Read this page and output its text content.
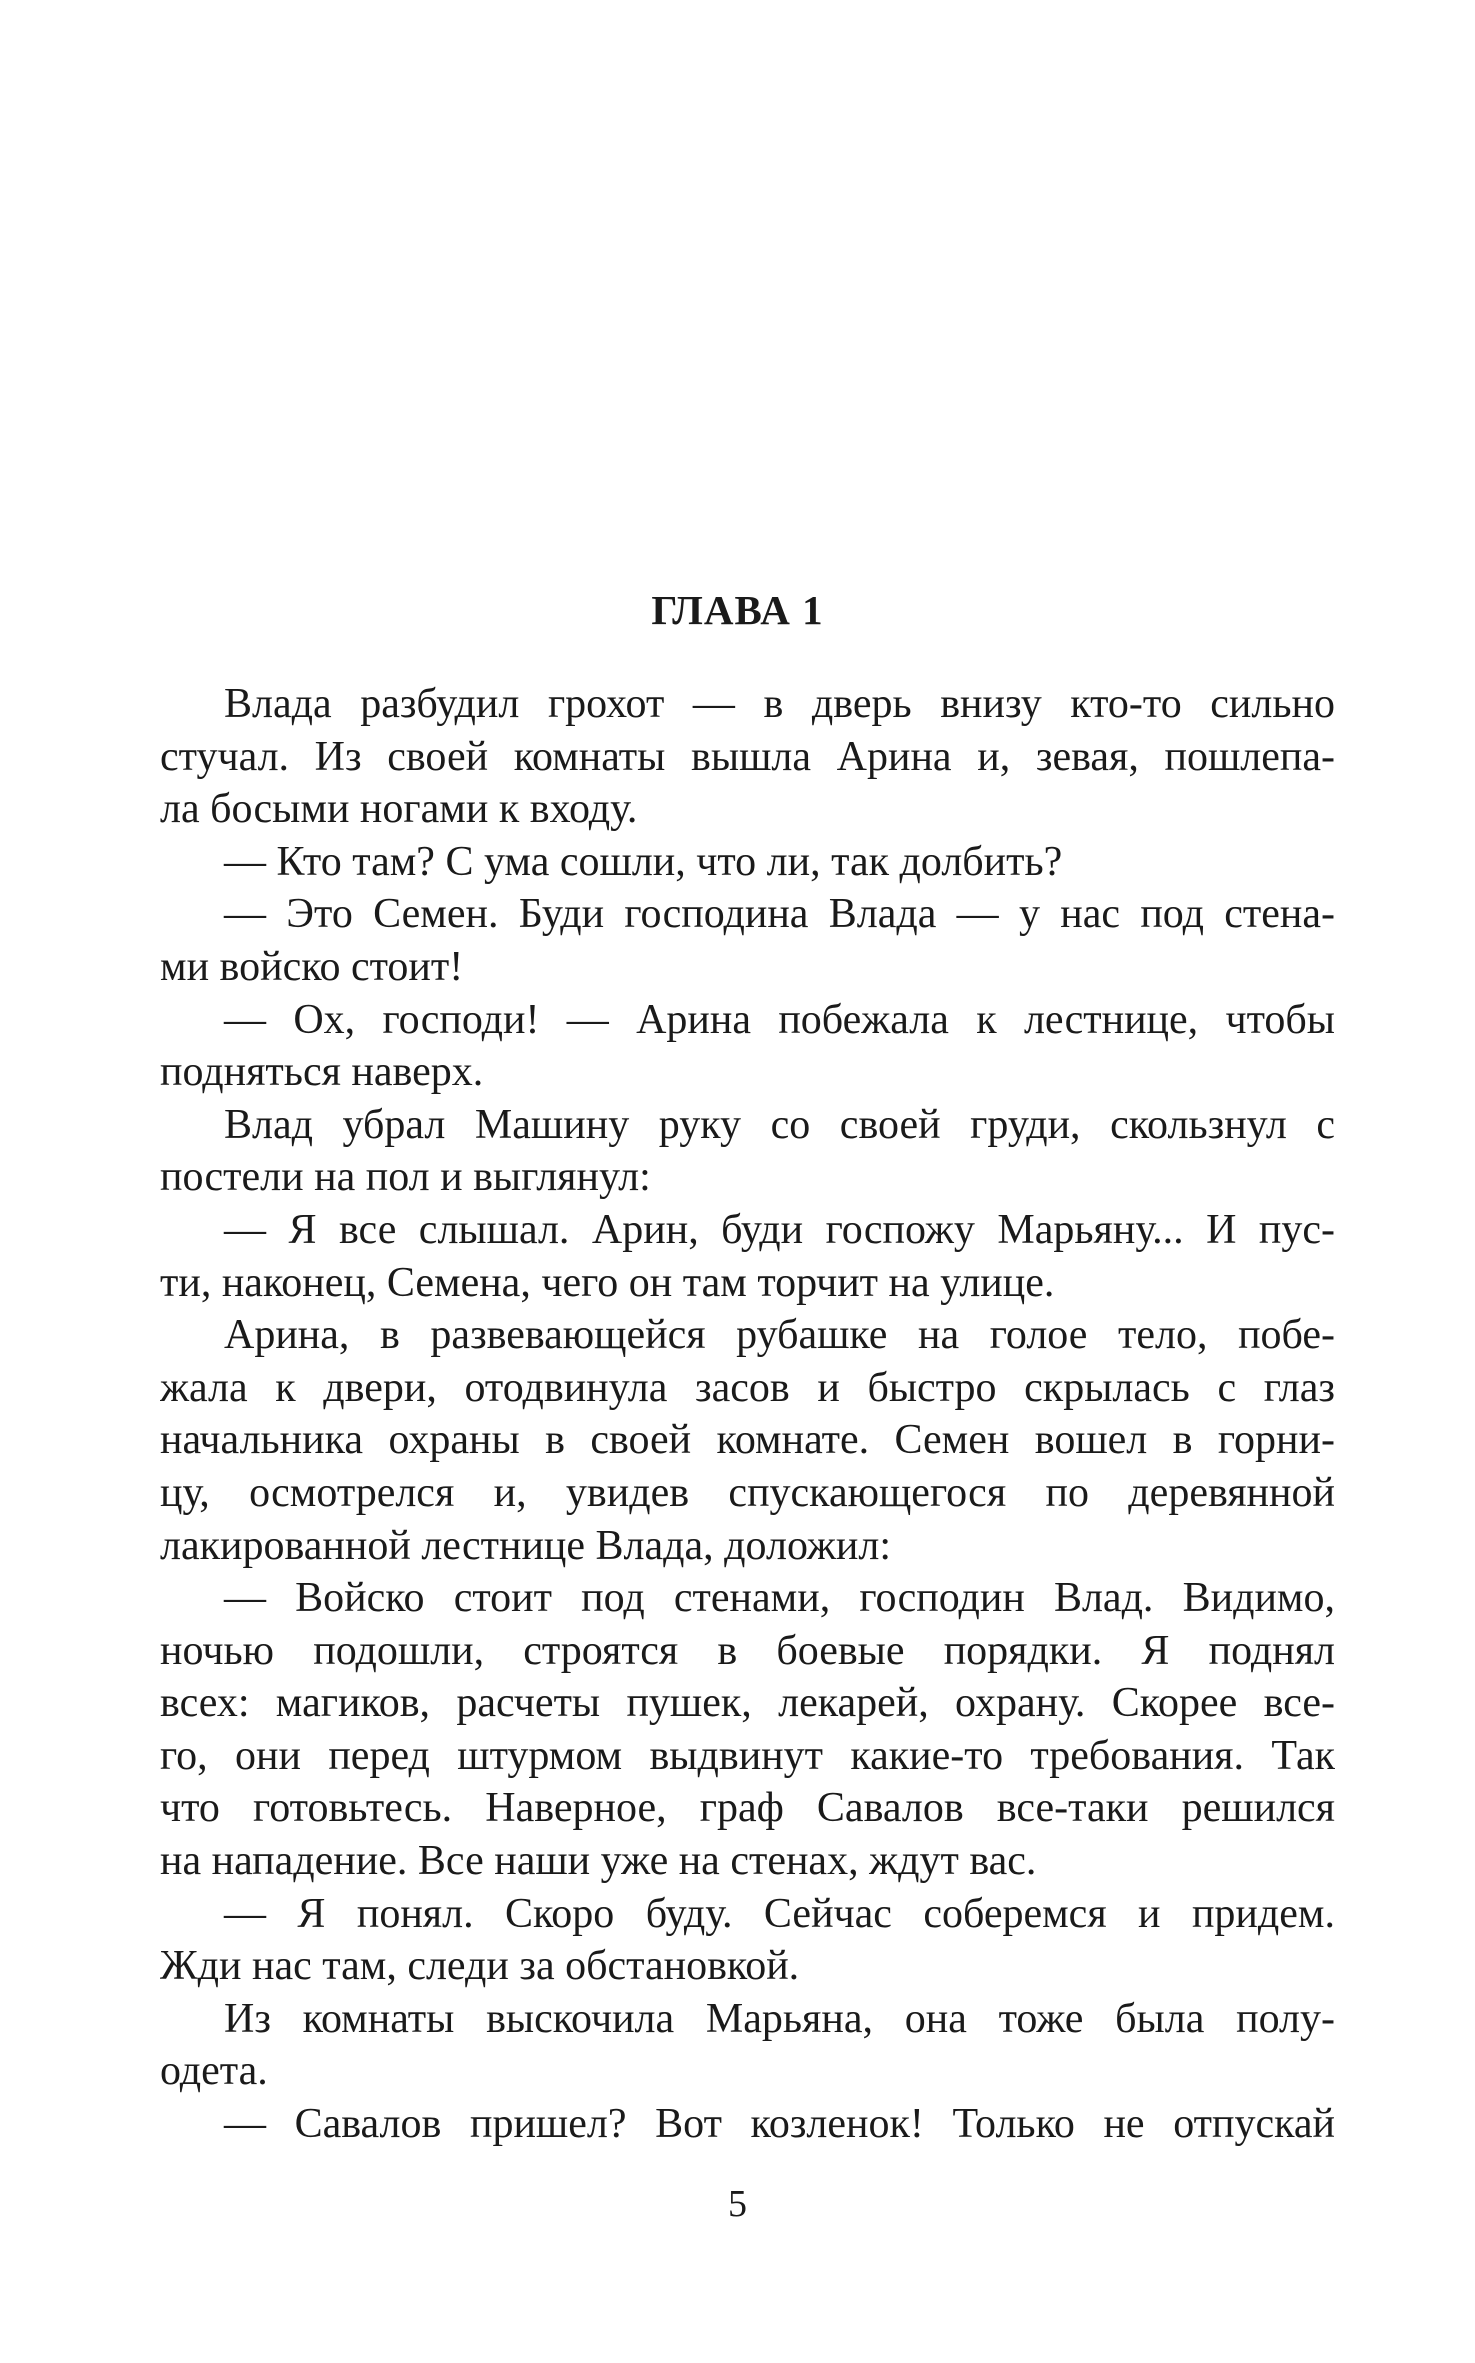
ГЛАВА 1
Влада разбудил грохот — в дверь внизу кто-то сильно
стучал. Из своей комнаты вышла Арина и, зевая, пошлепа-
ла босыми ногами к входу.
— Кто там? С ума сошли, что ли, так долбить?
— Это Семен. Буди господина Влада — у нас под стена-
ми войско стоит!
— Ох, господи! — Арина побежала к лестнице, чтобы
подняться наверх.
Влад убрал Машину руку со своей груди, скользнул с
постели на пол и выглянул:
— Я все слышал. Арин, буди госпожу Марьяну... И пус-
ти, наконец, Семена, чего он там торчит на улице.
Арина, в развевающейся рубашке на голое тело, побе-
жала к двери, отодвинула засов и быстро скрылась с глаз
начальника охраны в своей комнате. Семен вошел в горни-
цу, осмотрелся и, увидев спускающегося по деревянной
лакированной лестнице Влада, доложил:
— Войско стоит под стенами, господин Влад. Видимо,
ночью подошли, строятся в боевые порядки. Я поднял
всех: магиков, расчеты пушек, лекарей, охрану. Скорее все-
го, они перед штурмом выдвинут какие-то требования. Так
что готовьтесь. Наверное, граф Савалов все-таки решился
на нападение. Все наши уже на стенах, ждут вас.
— Я понял. Скоро буду. Сейчас соберемся и придем.
Жди нас там, следи за обстановкой.
Из комнаты выскочила Марьяна, она тоже была полу-
одета.
— Савалов пришел? Вот козленок! Только не отпускай
5
